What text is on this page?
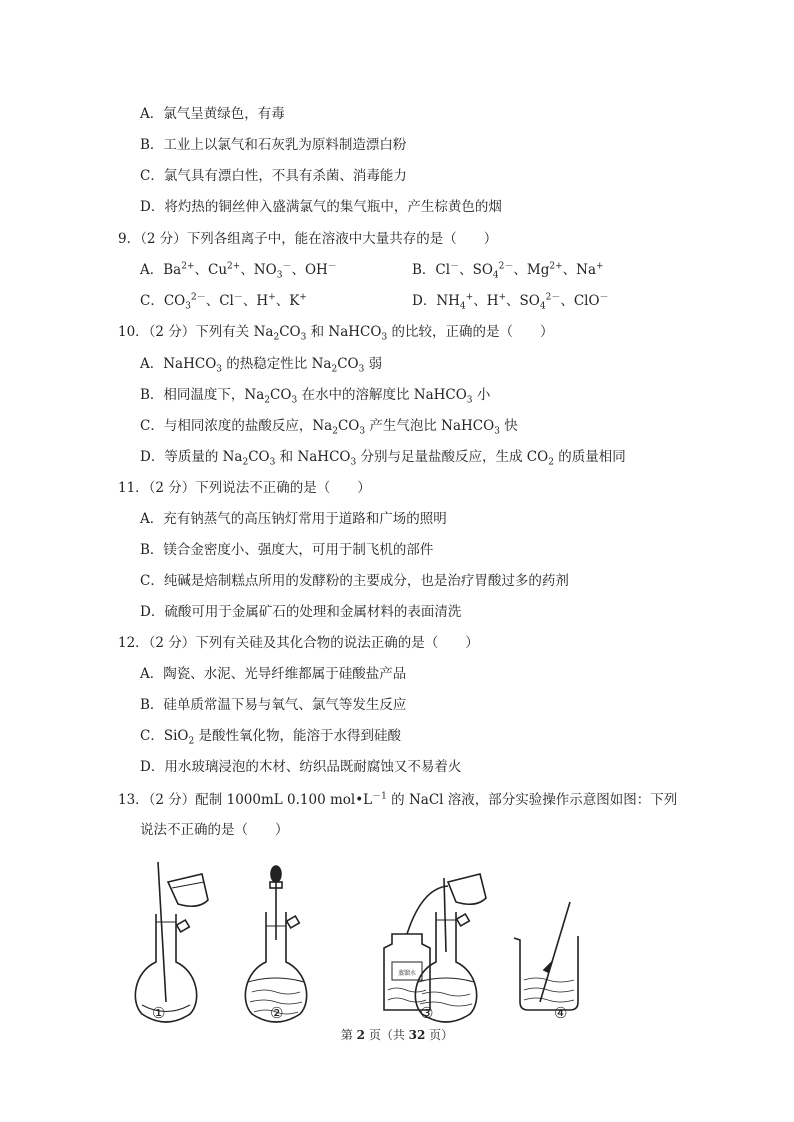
A．氯气呈黄绿色，有毒
B．工业上以氯气和石灰乳为原料制造漂白粉
C．氯气具有漂白性，不具有杀菌、消毒能力
D．将灼热的铜丝伸入盛满氯气的集气瓶中，产生棕黄色的烟
9．（2 分）下列各组离子中，能在溶液中大量共存的是（　　）
A．$Ba^{2+}$、$Cu^{2+}$、$NO_3^-$、OH－	B．Cl－、$SO_4^{2-}$、$Mg^{2+}$、Na+
C．$CO_3^{2-}$、Cl－、H+、K+	D．$NH_4^+$、H+、$SO_4^{2-}$、ClO－
10．（2 分）下列有关 $Na_2CO_3$ 和 NaHCO$_3$ 的比较，正确的是（　　）
A．NaHCO$_3$ 的热稳定性比 $Na_2CO_3$ 弱
B．相同温度下，$Na_2CO_3$ 在水中的溶解度比 NaHCO$_3$ 小
C．与相同浓度的盐酸反应，$Na_2CO_3$ 产生气泡比 NaHCO$_3$ 快
D．等质量的 $Na_2CO_3$ 和 NaHCO$_3$ 分别与足量盐酸反应，生成 $CO_2$ 的质量相同
11．（2 分）下列说法不正确的是（　　）
A．充有钠蒸气的高压钠灯常用于道路和广场的照明
B．镁合金密度小、强度大，可用于制飞机的部件
C．纯碱是焙制糕点所用的发酵粉的主要成分，也是治疗胃酸过多的药剂
D．硫酸可用于金属矿石的处理和金属材料的表面清洗
12．（2 分）下列有关硅及其化合物的说法正确的是（　　）
A．陶瓷、水泥、光导纤维都属于硅酸盐产品
B．硅单质常温下易与氧气、氯气等发生反应
C．SiO$_2$ 是酸性氧化物，能溶于水得到硅酸
D．用水玻璃浸泡的木材、纺织品既耐腐蚀又不易着火
13．（2 分）配制 1000mL 0.100 $mol•L^{-1}$ 的 NaCl 溶液，部分实验操作示意图如图：下列
说法不正确的是（　　）
蒸馏水
①	②	③	④
第 2 页（共 32 页）
